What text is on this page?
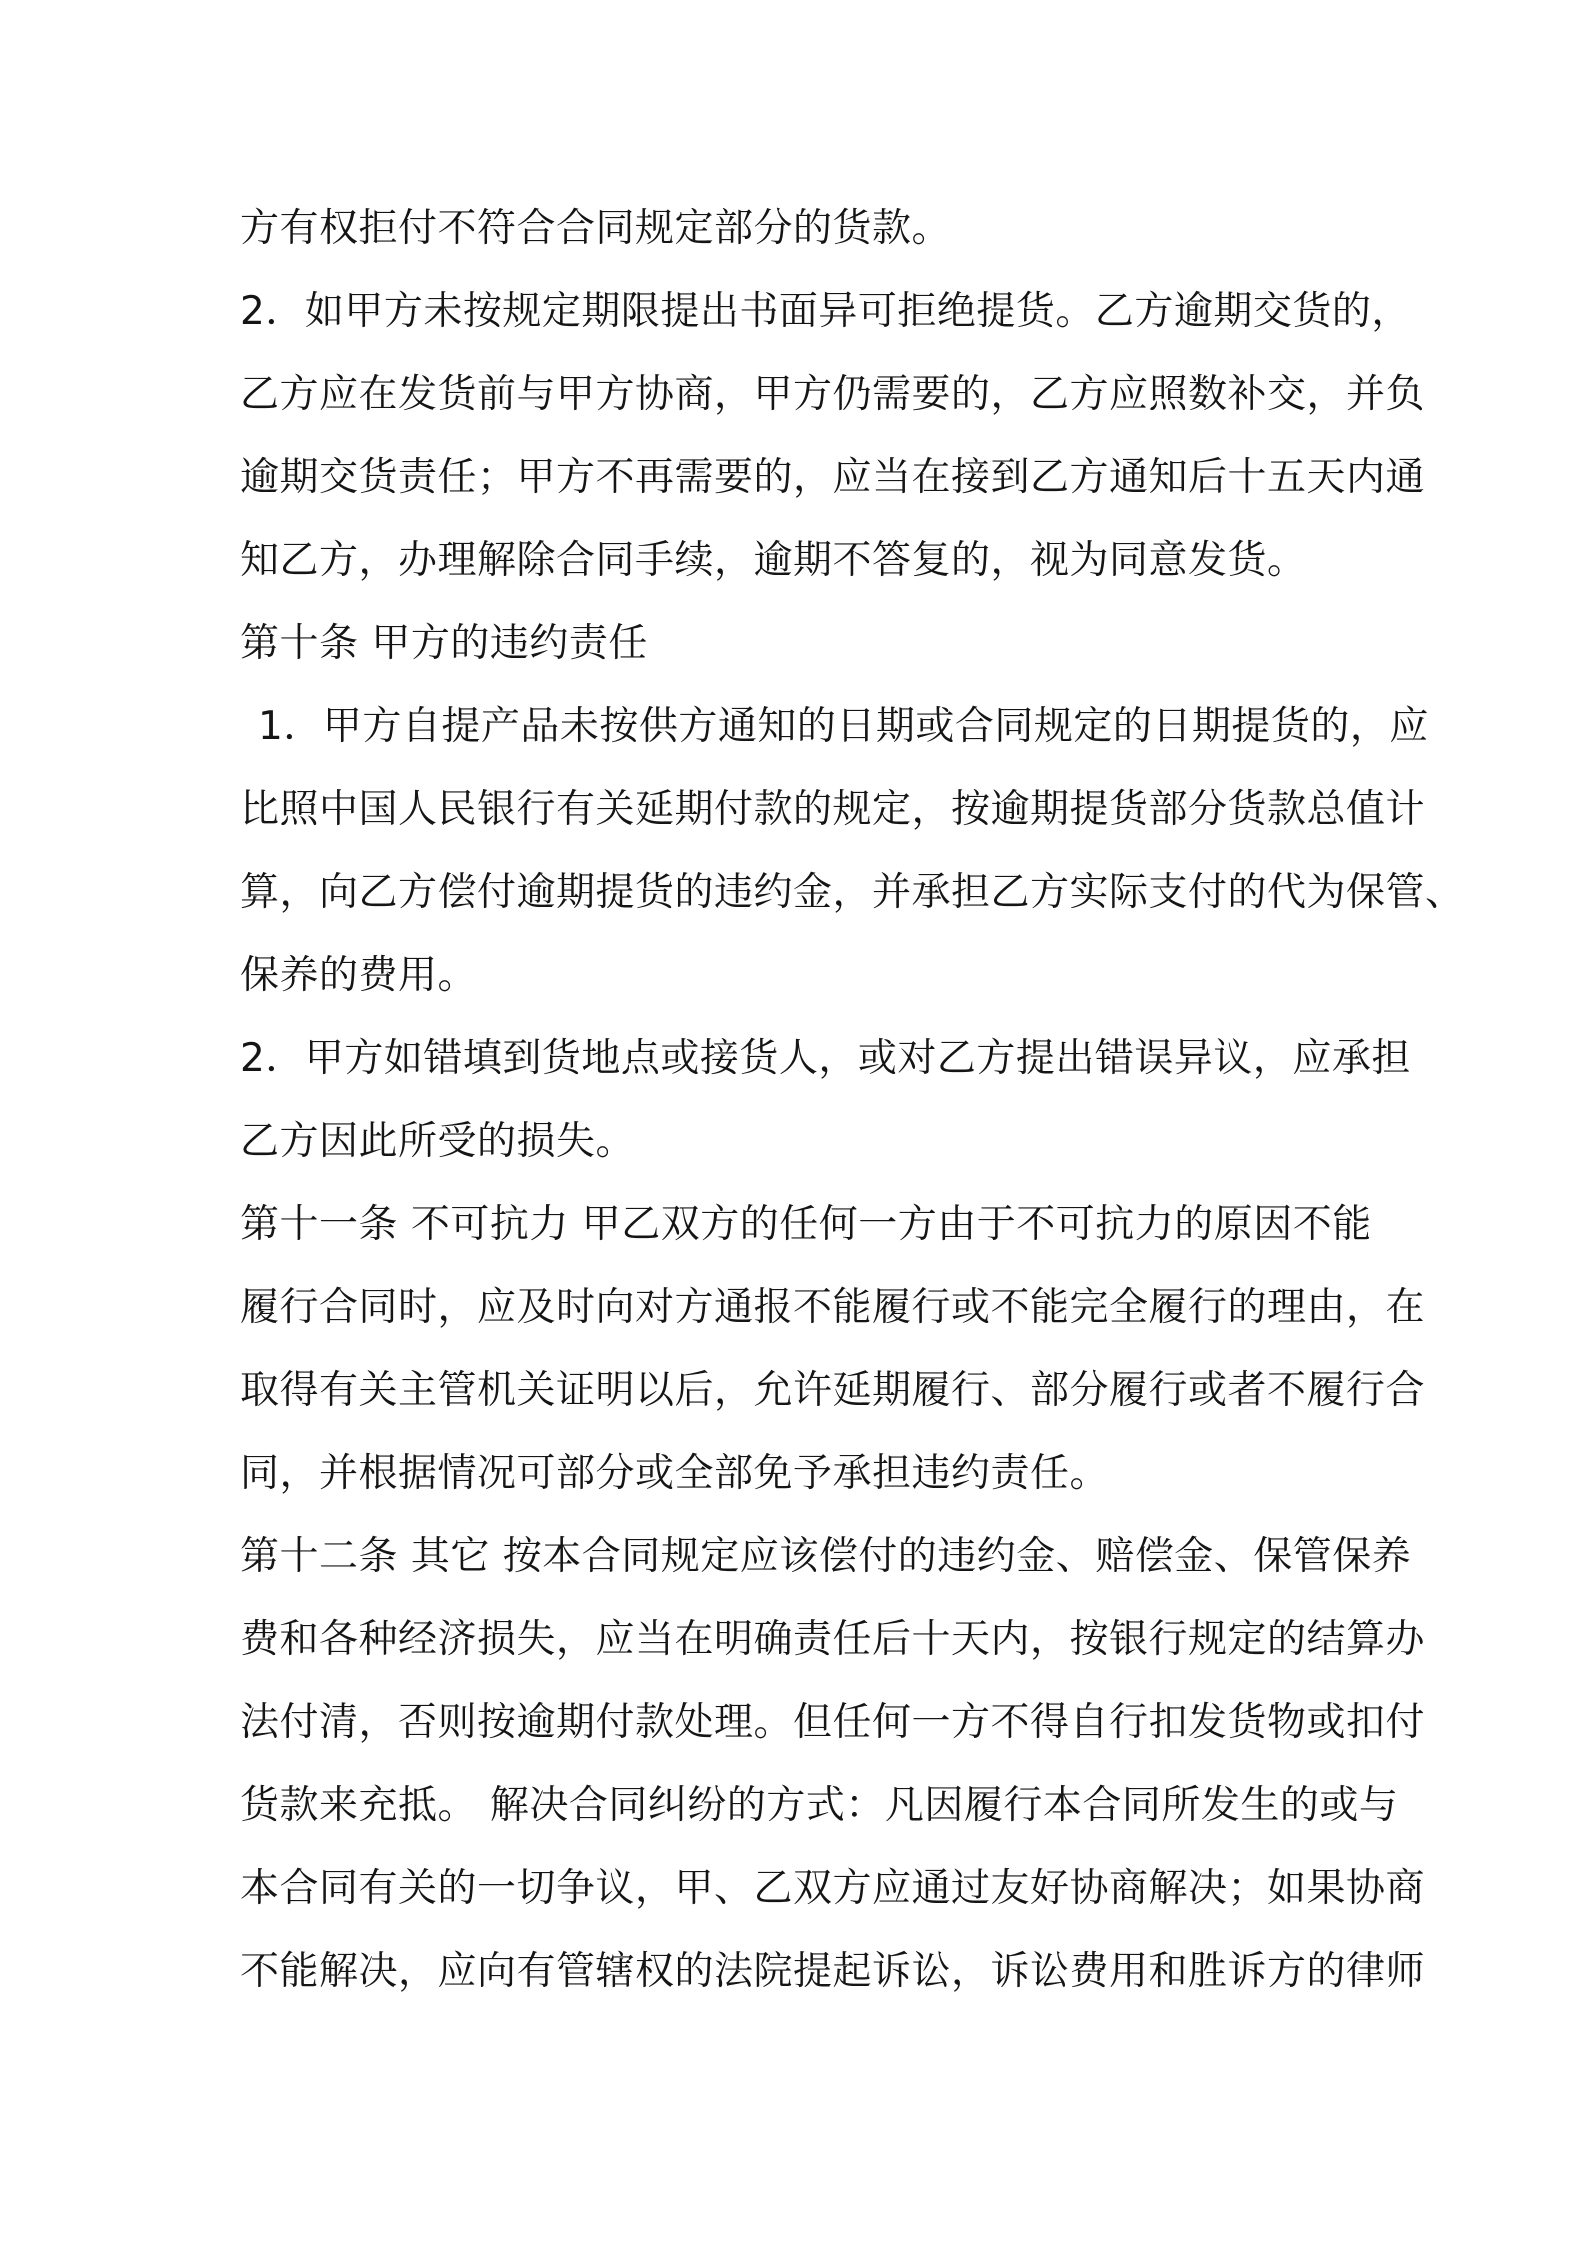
方有权拒付不符合合同规定部分的货款。
2．如甲方未按规定期限提出书面异可拒绝提货。乙方逾期交货的，
乙方应在发货前与甲方协商，甲方仍需要的，乙方应照数补交，并负
逾期交货责任；甲方不再需要的，应当在接到乙方通知后十五天内通
知乙方，办理解除合同手续，逾期不答复的，视为同意发货。
第十条 甲方的违约责任
1．甲方自提产品未按供方通知的日期或合同规定的日期提货的，应
比照中国人民银行有关延期付款的规定，按逾期提货部分货款总值计
算，向乙方偿付逾期提货的违约金，并承担乙方实际支付的代为保管、
保养的费用。
2．甲方如错填到货地点或接货人，或对乙方提出错误异议，应承担
乙方因此所受的损失。
第十一条 不可抗力 甲乙双方的任何一方由于不可抗力的原因不能
履行合同时，应及时向对方通报不能履行或不能完全履行的理由，在
取得有关主管机关证明以后，允许延期履行、部分履行或者不履行合
同，并根据情况可部分或全部免予承担违约责任。
第十二条 其它 按本合同规定应该偿付的违约金、赔偿金、保管保养
费和各种经济损失，应当在明确责任后十天内，按银行规定的结算办
法付清，否则按逾期付款处理。但任何一方不得自行扣发货物或扣付
货款来充抵。 解决合同纠纷的方式：凡因履行本合同所发生的或与
本合同有关的一切争议，甲、乙双方应通过友好协商解决；如果协商
不能解决，应向有管辖权的法院提起诉讼，诉讼费用和胜诉方的律师
